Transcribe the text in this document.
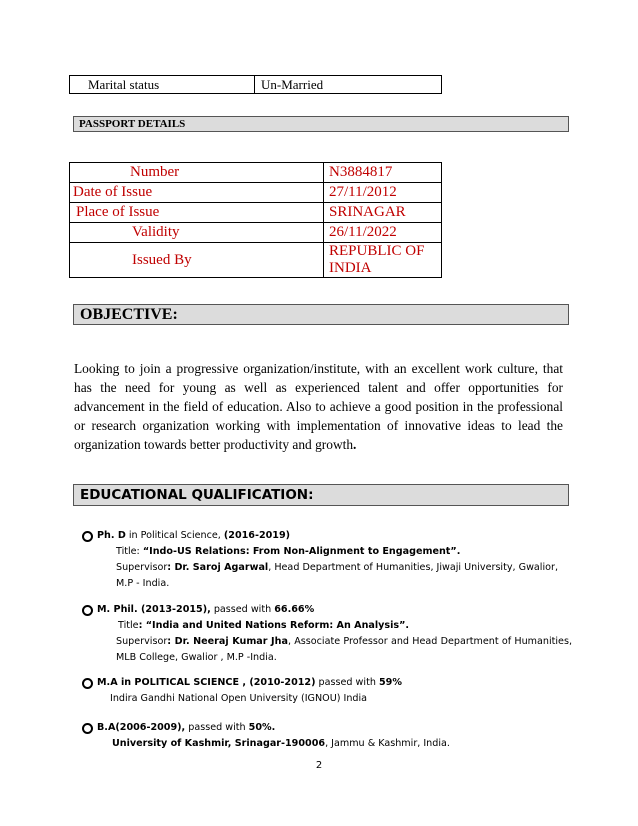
Marital status	Un-Married
PASSPORT DETAILS
Number	N3884817
Date of Issue	27/11/2012
Place of Issue	SRINAGAR
Validity	26/11/2022
Issued By	REPUBLIC OF INDIA
OBJECTIVE:

Looking to join a progressive organization/institute, with an excellent work culture, that has the need for young as well as experienced talent and offer opportunities for advancement in the field of education. Also to achieve a good position in the professional or research organization working with implementation of innovative ideas to lead the organization towards better productivity and growth.

EDUCATIONAL QUALIFICATION:
Ph. D in Political Science, (2016-2019)
Title: “Indo-US Relations: From Non-Alignment to Engagement”.
Supervisor: Dr. Saroj Agarwal, Head Department of Humanities, Jiwaji University, Gwalior, M.P - India.
M. Phil. (2013-2015), passed with 66.66%
Title: “India and United Nations Reform: An Analysis”.
Supervisor: Dr. Neeraj Kumar Jha, Associate Professor and Head Department of Humanities, MLB College, Gwalior , M.P -India.
M.A in POLITICAL SCIENCE , (2010-2012) passed with 59%
Indira Gandhi National Open University (IGNOU) India
B.A(2006-2009), passed with 50%.
University of Kashmir, Srinagar-190006, Jammu & Kashmir, India.
2
